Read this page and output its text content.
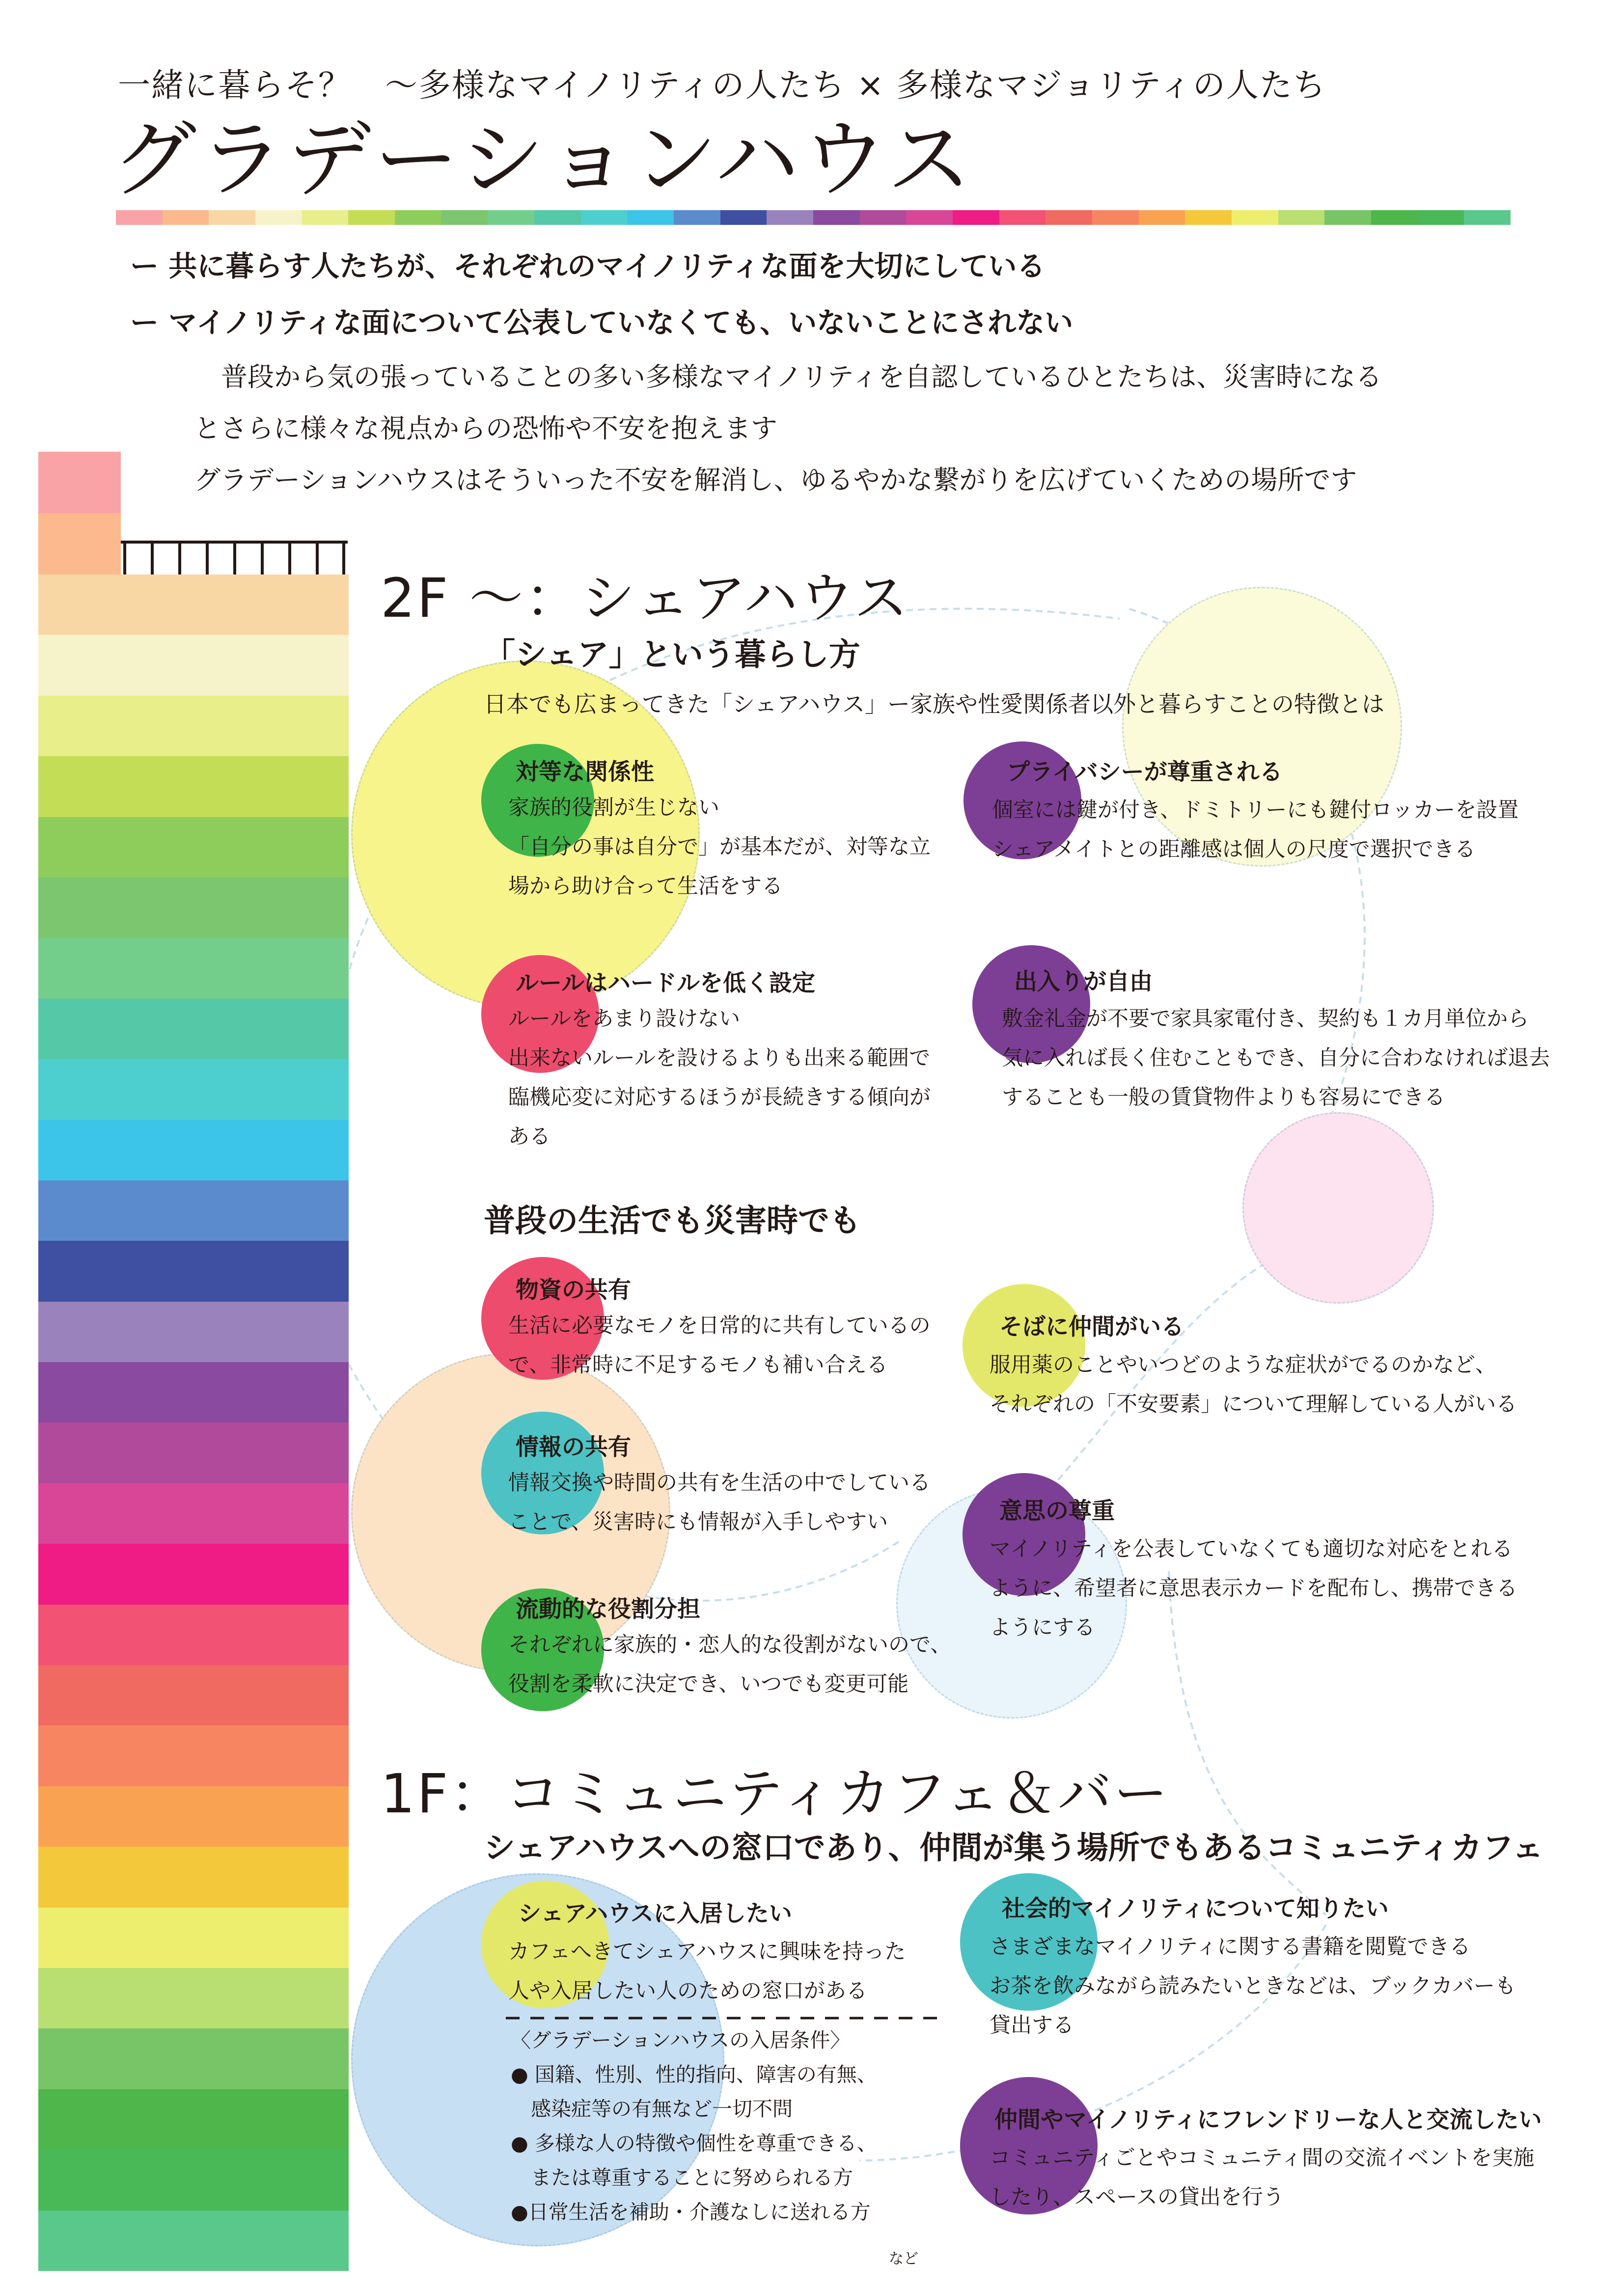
一緒に暮らそ？　～多様なマイノリティの人たち × 多様なマジョリティの人たち
グラデーションハウス
ー 共に暮らす人たちが、それぞれのマイノリティな面を大切にしている
ー マイノリティな面について公表していなくても、いないことにされない
普段から気の張っていることの多い多様なマイノリティを自認しているひとたちは、災害時になる
とさらに様々な視点からの恐怖や不安を抱えます
グラデーションハウスはそういった不安を解消し、ゆるやかな繋がりを広げていくための場所です
2F ～：シェアハウス
「シェア」という暮らし方
日本でも広まってきた「シェアハウス」ー家族や性愛関係者以外と暮らすことの特徴とは
対等な関係性
家族的役割が生じない
「自分の事は自分で」が基本だが、対等な立
場から助け合って生活をする
プライバシーが尊重される
個室には鍵が付き、ドミトリーにも鍵付ロッカーを設置
シェアメイトとの距離感は個人の尺度で選択できる
ルールはハードルを低く設定
ルールをあまり設けない
出来ないルールを設けるよりも出来る範囲で
臨機応変に対応するほうが長続きする傾向が
ある
出入りが自由
敷金礼金が不要で家具家電付き、契約も１カ月単位から
気に入れば長く住むこともでき、自分に合わなければ退去
することも一般の賃貸物件よりも容易にできる
普段の生活でも災害時でも
物資の共有
生活に必要なモノを日常的に共有しているの
で、非常時に不足するモノも補い合える
そばに仲間がいる
服用薬のことやいつどのような症状がでるのかなど、
それぞれの「不安要素」について理解している人がいる
情報の共有
情報交換や時間の共有を生活の中でしている
ことで、災害時にも情報が入手しやすい	意思の尊重
マイノリティを公表していなくても適切な対応をとれる
ように、希望者に意思表示カードを配布し、携帯できる
ようにする
流動的な役割分担
それぞれに家族的・恋人的な役割がないので、
役割を柔軟に決定でき、いつでも変更可能
1F：コミュニティカフェ＆バー
シェアハウスへの窓口であり、仲間が集う場所でもあるコミュニティカフェ
シェアハウスに入居したい
カフェへきてシェアハウスに興味を持った
人や入居したい人のための窓口がある
〈グラデーションハウスの入居条件〉
● 国籍、性別、性的指向、障害の有無、
　感染症等の有無など一切不問
● 多様な人の特徴や個性を尊重できる、
　または尊重することに努められる方
●日常生活を補助・介護なしに送れる方
など
社会的マイノリティについて知りたい
さまざまなマイノリティに関する書籍を閲覧できる
お茶を飲みながら読みたいときなどは、ブックカバーも
貸出する
仲間やマイノリティにフレンドリーな人と交流したい
コミュニティごとやコミュニティ間の交流イベントを実施
したり、スペースの貸出を行う
